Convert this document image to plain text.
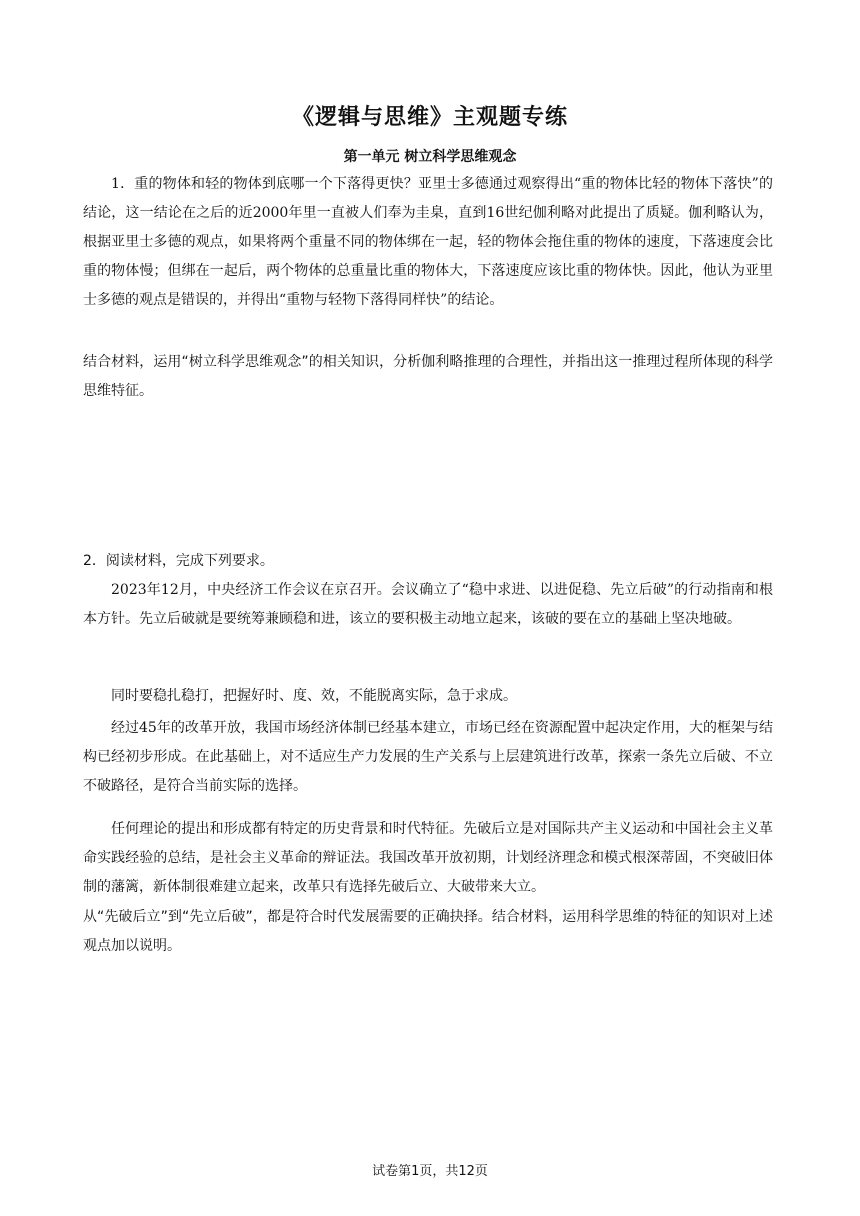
《逻辑与思维》主观题专练
第一单元 树立科学思维观念

1．重的物体和轻的物体到底哪一个下落得更快？亚里士多德通过观察得出“重的物体比轻的物体下落快”的结论，这一结论在之后的近2000年里一直被人们奉为圭臬，直到16世纪伽利略对此提出了质疑。伽利略认为，根据亚里士多德的观点，如果将两个重量不同的物体绑在一起，轻的物体会拖住重的物体的速度，下落速度会比重的物体慢；但绑在一起后，两个物体的总重量比重的物体大，下落速度应该比重的物体快。因此，他认为亚里士多德的观点是错误的，并得出“重物与轻物下落得同样快”的结论。

结合材料，运用“树立科学思维观念”的相关知识，分析伽利略推理的合理性，并指出这一推理过程所体现的科学思维特征。

2．阅读材料，完成下列要求。

2023年12月，中央经济工作会议在京召开。会议确立了“稳中求进、以进促稳、先立后破”的行动指南和根本方针。先立后破就是要统筹兼顾稳和进，该立的要积极主动地立起来，该破的要在立的基础上坚决地破。

同时要稳扎稳打，把握好时、度、效，不能脱离实际，急于求成。

经过45年的改革开放，我国市场经济体制已经基本建立，市场已经在资源配置中起决定作用，大的框架与结构已经初步形成。在此基础上，对不适应生产力发展的生产关系与上层建筑进行改革，探索一条先立后破、不立不破路径，是符合当前实际的选择。

任何理论的提出和形成都有特定的历史背景和时代特征。先破后立是对国际共产主义运动和中国社会主义革命实践经验的总结，是社会主义革命的辩证法。我国改革开放初期，计划经济理念和模式根深蒂固，不突破旧体制的藩篱，新体制很难建立起来，改革只有选择先破后立、大破带来大立。

从“先破后立”到“先立后破”，都是符合时代发展需要的正确抉择。结合材料，运用科学思维的特征的知识对上述观点加以说明。

试卷第1页，共12页
